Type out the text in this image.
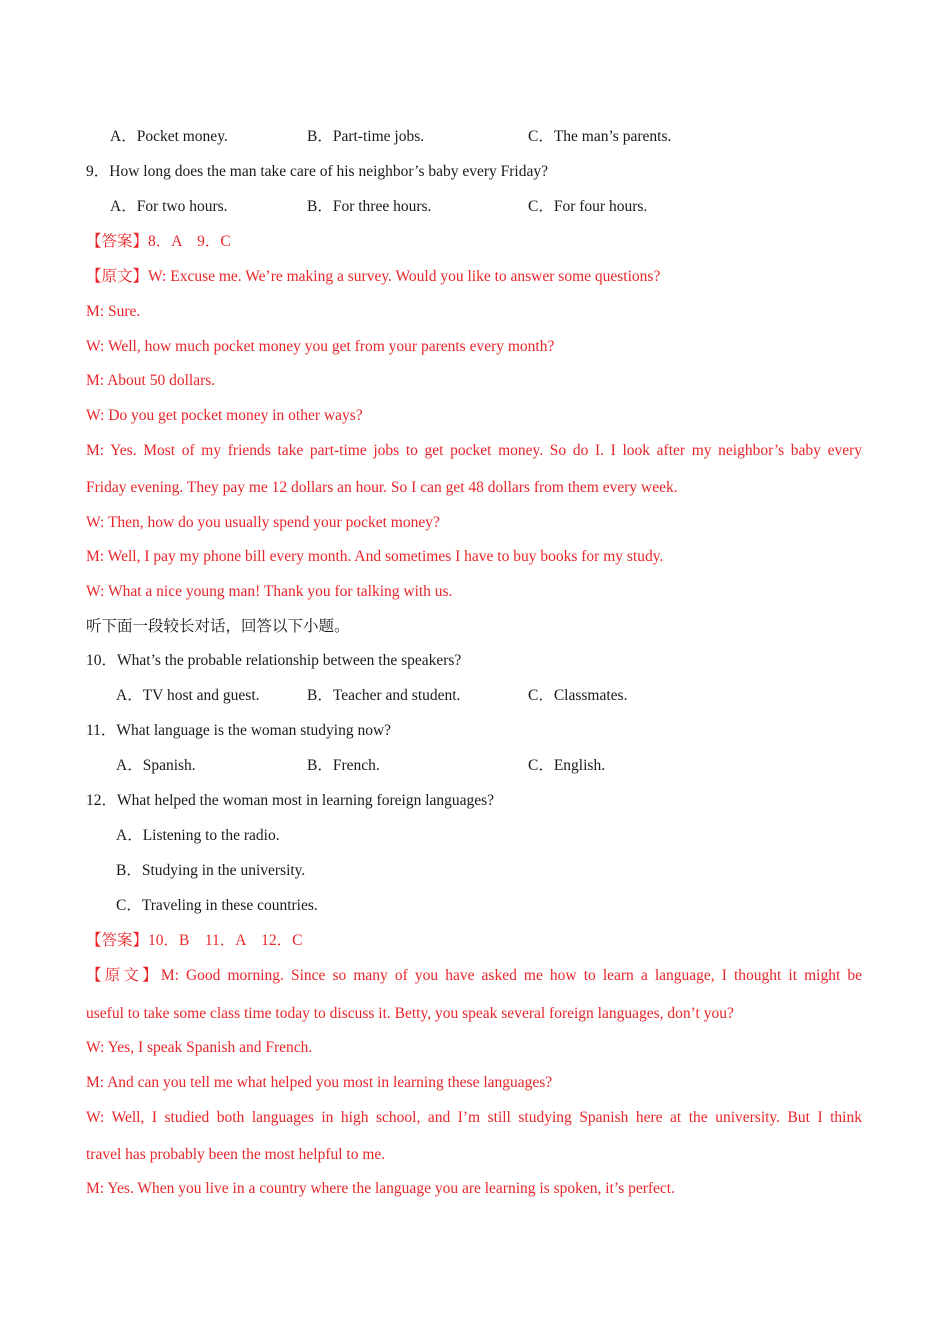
A．Pocket money.	B．Part-time jobs.	C．The man’s parents.
9．How long does the man take care of his neighbor’s baby every Friday?
A．For two hours.	B．For three hours.	C．For four hours.
【答案】8．A　9．C
【原文】W: Excuse me. We’re making a survey. Would you like to answer some questions?
M: Sure.
W: Well, how much pocket money you get from your parents every month?
M: About 50 dollars.
W: Do you get pocket money in other ways?
M: Yes. Most of my friends take part-time jobs to get pocket money. So do I. I look after my neighbor’s baby every
Friday evening. They pay me 12 dollars an hour. So I can get 48 dollars from them every week.
W: Then, how do you usually spend your pocket money?
M: Well, I pay my phone bill every month. And sometimes I have to buy books for my study.
W: What a nice young man! Thank you for talking with us.
听下面一段较长对话，回答以下小题。
10．What’s the probable relationship between the speakers?
A．TV host and guest.	B．Teacher and student.	C．Classmates.
11．What language is the woman studying now?
A．Spanish.	B．French.	C．English.
12．What helped the woman most in learning foreign languages?
A．Listening to the radio.
B．Studying in the university.
C．Traveling in these countries.
【答案】10．B　11．A　12．C
【原文】M: Good morning. Since so many of you have asked me how to learn a language, I thought it might be
useful to take some class time today to discuss it. Betty, you speak several foreign languages, don’t you?
W: Yes, I speak Spanish and French.
M: And can you tell me what helped you most in learning these languages?
W: Well, I studied both languages in high school, and I’m still studying Spanish here at the university. But I think
travel has probably been the most helpful to me.
M: Yes. When you live in a country where the language you are learning is spoken, it’s perfect.
